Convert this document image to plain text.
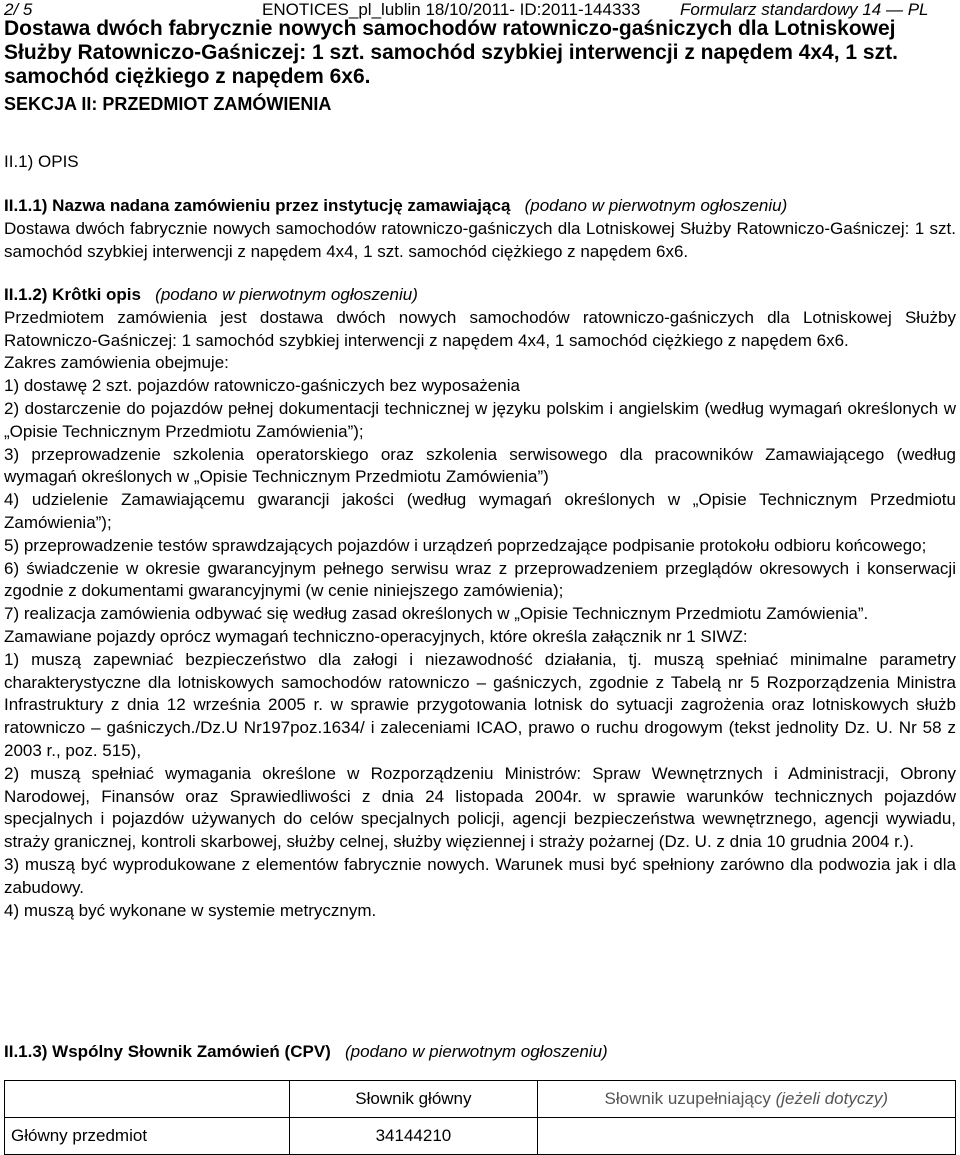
2/ 5	ENOTICES_pl_lublin 18/10/2011- ID:2011-144333 Formularz standardowy 14 — PL
Dostawa dwóch fabrycznie nowych samochodów ratowniczo-gaśniczych dla Lotniskowej Służby Ratowniczo-Gaśniczej: 1 szt. samochód szybkiej interwencji z napędem 4x4, 1 szt. samochód ciężkiego z napędem 6x6.
SEKCJA II: PRZEDMIOT ZAMÓWIENIA
II.1) OPIS

II.1.1) Nazwa nadana zamówieniu przez instytucję zamawiającą (podano w pierwotnym ogłoszeniu)

Dostawa dwóch fabrycznie nowych samochodów ratowniczo-gaśniczych dla Lotniskowej Służby Ratowniczo-Gaśniczej: 1 szt. samochód szybkiej interwencji z napędem 4x4, 1 szt. samochód ciężkiego z napędem 6x6.

II.1.2) Krôtki opis (podano w pierwotnym ogłoszeniu)

Przedmiotem zamówienia jest dostawa dwóch nowych samochodów ratowniczo-gaśniczych dla Lotniskowej Służby Ratowniczo-Gaśniczej: 1 samochód szybkiej interwencji z napędem 4x4, 1 samochód ciężkiego z napędem 6x6.

Zakres zamówienia obejmuje:

1) dostawę 2 szt. pojazdów ratowniczo-gaśniczych bez wyposażenia

2) dostarczenie do pojazdów pełnej dokumentacji technicznej w języku polskim i angielskim (według wymagań określonych w „Opisie Technicznym Przedmiotu Zamówienia”);

3) przeprowadzenie szkolenia operatorskiego oraz szkolenia serwisowego dla pracowników Zamawiającego (według wymagań określonych w „Opisie Technicznym Przedmiotu Zamówienia”)

4) udzielenie Zamawiającemu gwarancji jakości (według wymagań określonych w „Opisie Technicznym Przedmiotu Zamówienia”);

5) przeprowadzenie testów sprawdzających pojazdów i urządzeń poprzedzające podpisanie protokołu odbioru końcowego;

6) świadczenie w okresie gwarancyjnym pełnego serwisu wraz z przeprowadzeniem przeglądów okresowych i konserwacji zgodnie z dokumentami gwarancyjnymi (w cenie niniejszego zamówienia);

7) realizacja zamówienia odbywać się według zasad określonych w „Opisie Technicznym Przedmiotu Zamówienia”.

Zamawiane pojazdy oprócz wymagań techniczno-operacyjnych, które określa załącznik nr 1 SIWZ:

1) muszą zapewniać bezpieczeństwo dla załogi i niezawodność działania, tj. muszą spełniać minimalne parametry charakterystyczne dla lotniskowych samochodów ratowniczo – gaśniczych, zgodnie z Tabelą nr 5 Rozporządzenia Ministra Infrastruktury z dnia 12 września 2005 r. w sprawie przygotowania lotnisk do sytuacji zagrożenia oraz lotniskowych służb ratowniczo – gaśniczych./Dz.U Nr197poz.1634/ i zaleceniami ICAO, prawo o ruchu drogowym (tekst jednolity Dz. U. Nr 58 z 2003 r., poz. 515),

2) muszą spełniać wymagania określone w Rozporządzeniu Ministrów: Spraw Wewnętrznych i Administracji, Obrony Narodowej, Finansów oraz Sprawiedliwości z dnia 24 listopada 2004r. w sprawie warunków technicznych pojazdów specjalnych i pojazdów używanych do celów specjalnych policji, agencji bezpieczeństwa wewnętrznego, agencji wywiadu, straży granicznej, kontroli skarbowej, służby celnej, służby więziennej i straży pożarnej (Dz. U. z dnia 10 grudnia 2004 r.).

3) muszą być wyprodukowane z elementów fabrycznie nowych. Warunek musi być spełniony zarówno dla podwozia jak i dla zabudowy.

4) muszą być wykonane w systemie metrycznym.

II.1.3) Wspólny Słownik Zamówień (CPV) (podano w pierwotnym ogłoszeniu)

	Słownik główny	Słownik uzupełniający (jeżeli dotyczy)
Główny przedmiot	34144210	
